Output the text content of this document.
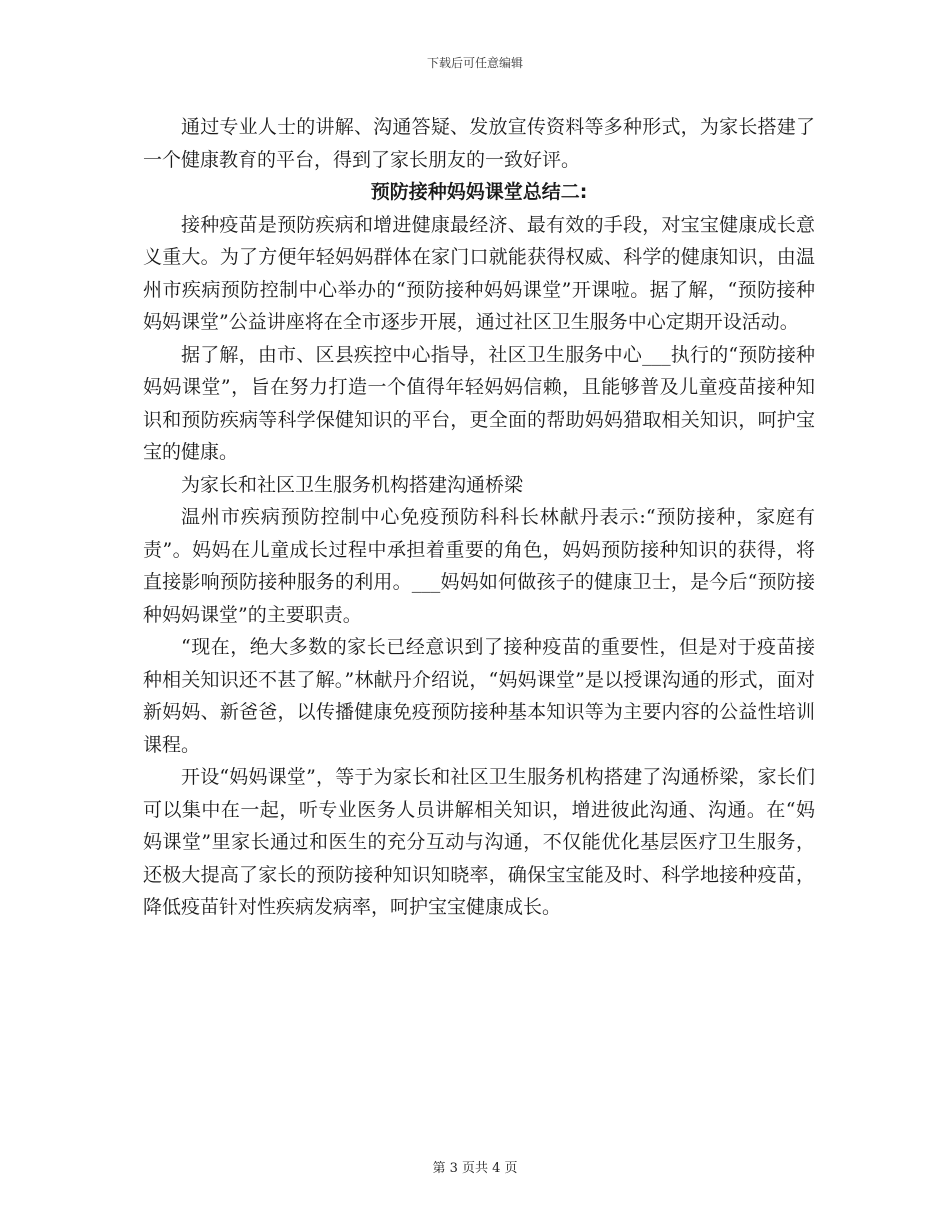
下载后可任意编辑

通过专业人士的讲解、沟通答疑、发放宣传资料等多种形式，为家长搭建了一个健康教育的平台，得到了家长朋友的一致好评。

预防接种妈妈课堂总结二:

接种疫苗是预防疾病和增进健康最经济、最有效的手段，对宝宝健康成长意义重大。为了方便年轻妈妈群体在家门口就能获得权威、科学的健康知识，由温州市疾病预防控制中心举办的“预防接种妈妈课堂”开课啦。据了解，“预防接种妈妈课堂”公益讲座将在全市逐步开展，通过社区卫生服务中心定期开设活动。

据了解，由市、区县疾控中心指导，社区卫生服务中心___执行的“预防接种妈妈课堂”，旨在努力打造一个值得年轻妈妈信赖，且能够普及儿童疫苗接种知识和预防疾病等科学保健知识的平台，更全面的帮助妈妈猎取相关知识，呵护宝宝的健康。

为家长和社区卫生服务机构搭建沟通桥梁

温州市疾病预防控制中心免疫预防科科长林献丹表示:“预防接种，家庭有责”。妈妈在儿童成长过程中承担着重要的角色，妈妈预防接种知识的获得，将直接影响预防接种服务的利用。___妈妈如何做孩子的健康卫士，是今后“预防接种妈妈课堂”的主要职责。

“现在，绝大多数的家长已经意识到了接种疫苗的重要性，但是对于疫苗接种相关知识还不甚了解。”林献丹介绍说，“妈妈课堂”是以授课沟通的形式，面对新妈妈、新爸爸，以传播健康免疫预防接种基本知识等为主要内容的公益性培训课程。

开设“妈妈课堂”，等于为家长和社区卫生服务机构搭建了沟通桥梁，家长们可以集中在一起，听专业医务人员讲解相关知识，增进彼此沟通、沟通。在“妈妈课堂”里家长通过和医生的充分互动与沟通，不仅能优化基层医疗卫生服务，还极大提高了家长的预防接种知识知晓率，确保宝宝能及时、科学地接种疫苗，降低疫苗针对性疾病发病率，呵护宝宝健康成长。

第 3 页共 4 页
